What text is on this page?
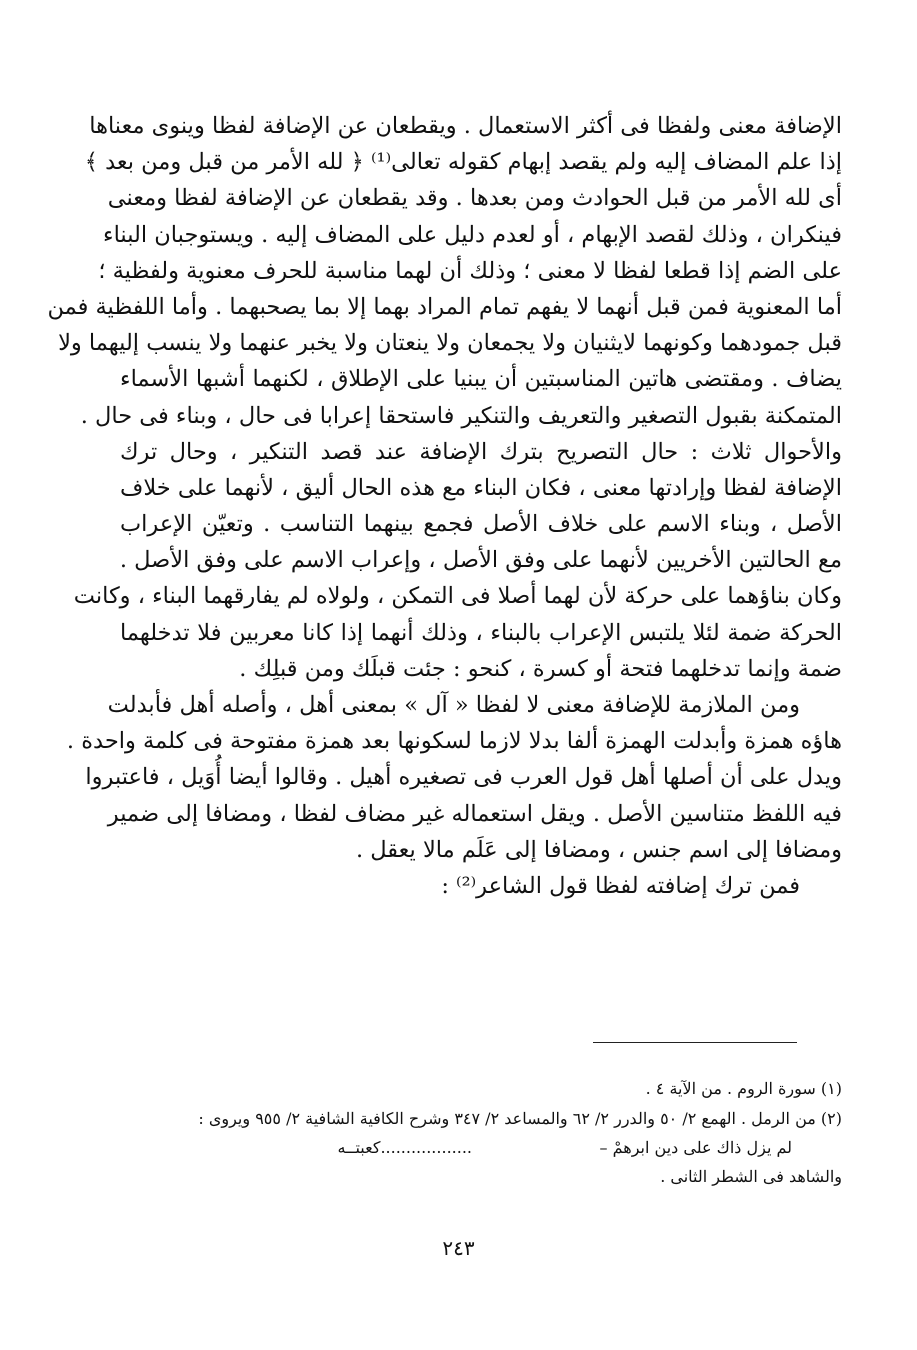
الإضافة معنى ولفظا فى أكثر الاستعمال . ويقطعان عن الإضافة لفظا وينوى معناها
إذا علم المضاف إليه ولم يقصد إبهام كقوله تعالى⁽¹⁾ ﴿ لله الأمر من قبل ومن بعد ﴾
أى لله الأمر من قبل الحوادث ومن بعدها . وقد يقطعان عن الإضافة لفظا ومعنى
فينكران ، وذلك لقصد الإبهام ، أو لعدم دليل على المضاف إليه . ويستوجبان البناء
على الضم إذا قطعا لفظا لا معنى ؛ وذلك أن لهما مناسبة للحرف معنوية ولفظية ؛
أما المعنوية فمن قبل أنهما لا يفهم تمام المراد بهما إلا بما يصحبهما . وأما اللفظية فمن
قبل جمودهما وكونهما لايثنيان ولا يجمعان ولا ينعتان ولا يخبر عنهما ولا ينسب إليهما ولا
يضاف . ومقتضى هاتين المناسبتين أن يبنيا على الإطلاق ، لكنهما أشبها الأسماء
المتمكنة بقبول التصغير والتعريف والتنكير فاستحقا إعرابا فى حال ، وبناء فى حال .
والأحوال ثلاث : حال التصريح بترك الإضافة عند قصد التنكير ، وحال ترك
الإضافة لفظا وإرادتها معنى ، فكان البناء مع هذه الحال أليق ، لأنهما على خلاف
الأصل ، وبناء الاسم على خلاف الأصل فجمع بينهما التناسب . وتعيّن الإعراب
مع الحالتين الأخريين لأنهما على وفق الأصل ، وإعراب الاسم على وفق الأصل .
وكان بناؤهما على حركة لأن لهما أصلا فى التمكن ، ولولاه لم يفارقهما البناء ، وكانت
الحركة ضمة لئلا يلتبس الإعراب بالبناء ، وذلك أنهما إذا كانا معربين فلا تدخلهما
ضمة وإنما تدخلهما فتحة أو كسرة ، كنحو : جئت قبلَك ومن قبلِك .
ومن الملازمة للإضافة معنى لا لفظا « آل » بمعنى أهل ، وأصله أهل فأبدلت
هاؤه همزة وأبدلت الهمزة ألفا بدلا لازما لسكونها بعد همزة مفتوحة فى كلمة واحدة .
ويدل على أن أصلها أهل قول العرب فى تصغيره أهيل . وقالوا أيضا أُوَيل ، فاعتبروا
فيه اللفظ متناسين الأصل . ويقل استعماله غير مضاف لفظا ، ومضافا إلى ضمير
ومضافا إلى اسم جنس ، ومضافا إلى عَلَم مالا يعقل .
فمن ترك إضافته لفظا قول الشاعر⁽²⁾ :
(١) سورة الروم . من الآية ٤ .
(٢) من الرمل . الهمع ٢/ ٥٠ والدرر ٢/ ٦٢ والمساعد ٢/ ٣٤٧ وشرح الكافية الشافية ٢/ ٩٥٥ ويروى :
لم يزل ذاك على دين ابرهمْ –
..................كعبتــه
والشاهد فى الشطر الثانى .
٢٤٣
